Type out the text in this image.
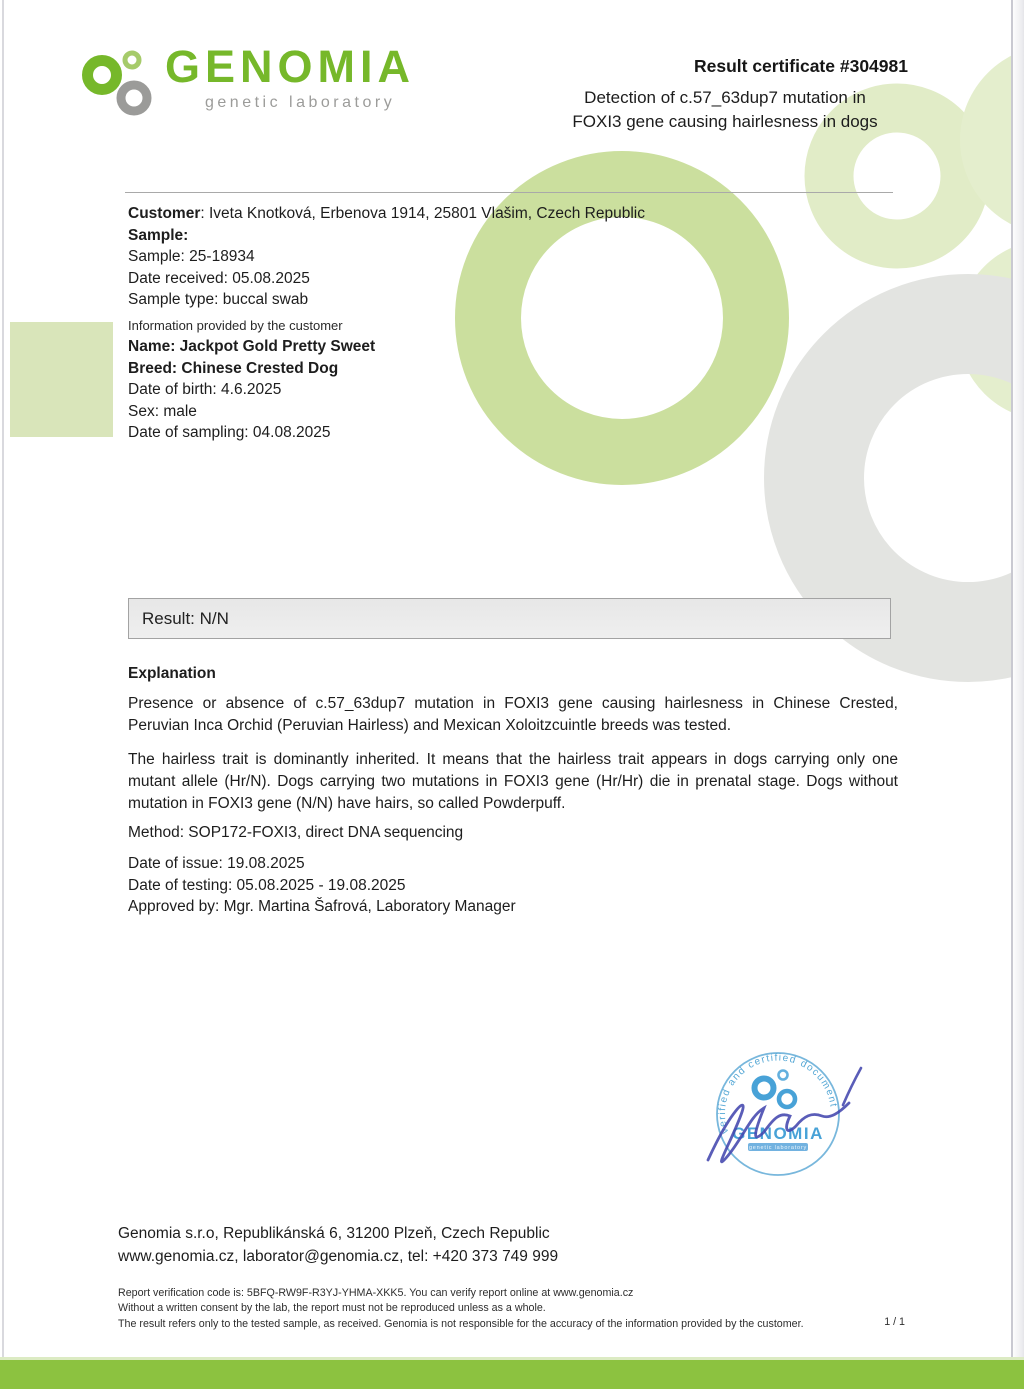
GENOMIA
genetic laboratory
Result certificate #304981
Detection of c.57_63dup7 mutation in
FOXI3 gene causing hairlesness in dogs
Customer: Iveta Knotková, Erbenova 1914, 25801 Vlašim, Czech Republic
Sample:
Sample: 25-18934
Date received: 05.08.2025
Sample type: buccal swab
Information provided by the customer
Name: Jackpot Gold Pretty Sweet
Breed: Chinese Crested Dog
Date of birth: 4.6.2025
Sex: male
Date of sampling: 04.08.2025
Result: N/N
Explanation
Presence or absence of c.57_63dup7 mutation in FOXI3 gene causing hairlesness in Chinese Crested, Peruvian Inca Orchid (Peruvian Hairless) and Mexican Xoloitzcuintle breeds was tested.
The hairless trait is dominantly inherited. It means that the hairless trait appears in dogs carrying only one mutant allele (Hr/N). Dogs carrying two mutations in FOXI3 gene (Hr/Hr) die in prenatal stage. Dogs without mutation in FOXI3 gene (N/N) have hairs, so called Powderpuff.
Method: SOP172-FOXI3, direct DNA sequencing
Date of issue: 19.08.2025
Date of testing: 05.08.2025 - 19.08.2025
Approved by: Mgr. Martina Šafrová, Laboratory Manager
verified and certified document
GENOMIA
genetic laboratory
Genomia s.r.o, Republikánská 6, 31200 Plzeň, Czech Republic
www.genomia.cz, laborator@genomia.cz, tel: +420 373 749 999
Report verification code is: 5BFQ-RW9F-R3YJ-YHMA-XKK5. You can verify report online at www.genomia.cz
Without a written consent by the lab, the report must not be reproduced unless as a whole.
The result refers only to the tested sample, as received. Genomia is not responsible for the accuracy of the information provided by the customer.	1 / 1
